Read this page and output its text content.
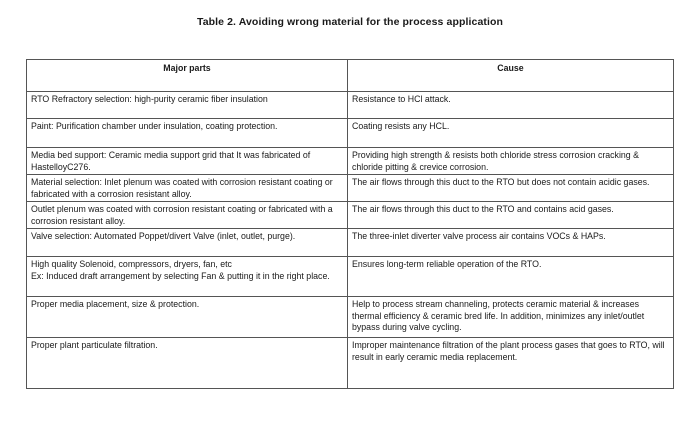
Table 2. Avoiding wrong material for the process application
Major parts	Cause

RTO Refractory selection: high-purity ceramic fiber insulation	Resistance to HCl attack.

Paint: Purification chamber under insulation, coating protection.	Coating resists any HCL.

Media bed support: Ceramic media support grid that It was fabricated of HastelloyC276.	Providing high strength & resists both chloride stress corrosion cracking & chloride pitting & crevice corrosion.

Material selection: Inlet plenum was coated with corrosion resistant coating or fabricated with a corrosion resistant alloy.	The air flows through this duct to the RTO but does not contain acidic gases.

Outlet plenum was coated with corrosion resistant coating or fabricated with a corrosion resistant alloy.	The air flows through this duct to the RTO and contains acid gases.

Valve selection: Automated Poppet/divert Valve (inlet, outlet, purge).	The three-inlet diverter valve process air contains VOCs & HAPs.

High quality Solenoid, compressors, dryers, fan, etc
Ex: Induced draft arrangement by selecting Fan & putting it in the right place.	Ensures long-term reliable operation of the RTO.

Proper media placement, size & protection.	Help to process stream channeling, protects ceramic material & increases thermal efficiency & ceramic bred life. In addition, minimizes any inlet/outlet bypass during valve cycling.

Proper plant particulate filtration.	Improper maintenance filtration of the plant process gases that goes to RTO, will result in early ceramic media replacement.
